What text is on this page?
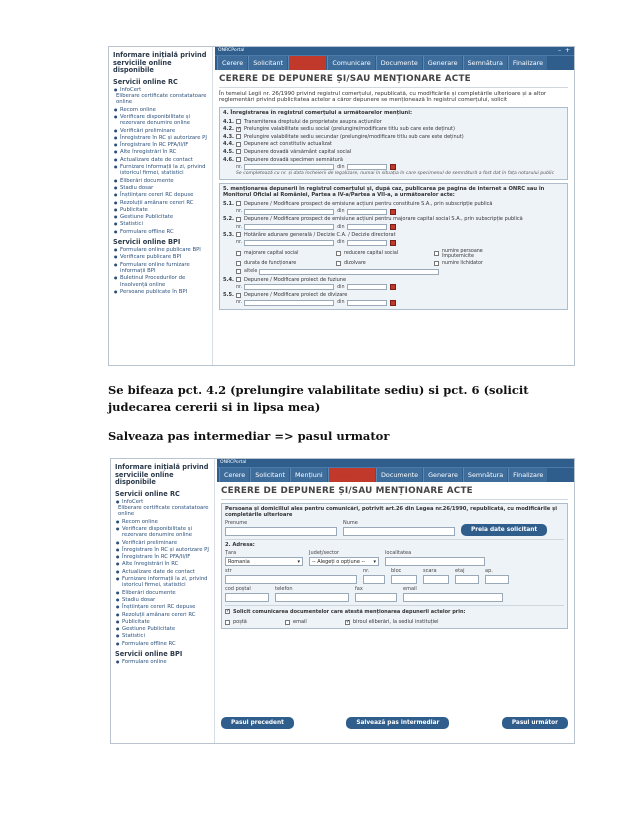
Informare inițială privind serviciile online disponibile
Servicii online RC
● InfoCert
Eliberare certificate constatatoare online
● Recom online
● Verificare disponibilitate și rezervare denumire online
● Verificări preliminare
● Înregistrare în RC și autorizare PJ
● Înregistrare în RC PFA/II/IF
● Alte înregistrări în RC
● Actualizare date de contact
● Furnizare informații la zi, privind istoricul firmei, statistici
● Eliberări documente
● Stadiu dosar
● Înștiințare cereri RC depuse
● Rezoluții amânare cereri RC
● Publicitate
● Gestiune Publicitate
● Statistici
● Formulare offline RC
Servicii online BPI
● Formulare online publicare BPI
● Verificare publicare BPI
● Formulare online furnizare informații BPI
● Buletinul Procedurilor de Insolvență online
● Persoane publicate în BPI
ONRCPortal	– +
Cerere	Solicitant	Depuneri	Comunicare	Documente	Generare	Semnătura	Finalizare
CERERE DE DEPUNERE ȘI/SAU MENȚIONARE ACTE
În temeiul Legii nr. 26/1990 privind registrul comerțului, republicată, cu modificările și completările ulterioare și a altor reglementări privind publicitatea actelor a căror depunere se menționează în registrul comerțului, solicit
4. Înregistrarea în registrul comerțului a următoarelor mențiuni:
4.1.	Transmiterea dreptului de proprietate asupra acțiunilor
4.2. ✓	Prelungire valabilitate sediu social (prelungire/modificare titlu sub care este deținut)
4.3.	Prelungire valabilitate sediu secundar (prelungire/modificare titlu sub care este deținut)
4.4.	Depunere act constitutiv actualizat
4.5.	Depunere dovadă vărsământ capital social
4.6.	Depunere dovadă specimen semnătură
nr.	din
Se completează cu nr. și data încheierii de legalizare, numai în situația în care specimenul de semnătură a fost dat în fața notarului public
5. menționarea depunerii în registrul comerțului și, după caz, publicarea pe pagina de internet a ONRC sau în Monitorul Oficial al României, Partea a IV-a/Partea a VII-a, a următoarelor acte:
5.1.	Depunere / Modificare prospect de emisiune acțiuni pentru constituire S.A., prin subscripție publică
nr.	din
5.2.	Depunere / Modificare prospect de emisiune acțiuni pentru majorare capital social S.A., prin subscripție publică
nr.	din
5.3.	Hotărâre adunare generală / Decizie C.A. / Decizie directorat
nr.	din
majorare capital social	reducere capital social	numire persoane împuternicite
durata de funcționare	dizolvare	numire lichidator
altele
5.4.	Depunere / Modificare proiect de fuziune
nr.	din
5.5.	Depunere / Modificare proiect de divizare
nr.	din
Se bifeaza pct. 4.2 (prelungire valabilitate sediu) si pct. 6 (solicit judecarea cererii si in lipsa mea)
Salveaza pas intermediar => pasul urmator
Informare inițială privind serviciile online disponibile
Servicii online RC
● InfoCert
Eliberare certificate constatatoare online
● Recom online
● Verificare disponibilitate și rezervare denumire online
● Verificări preliminare
● Înregistrare în RC și autorizare PJ
● Înregistrare în RC PFA/II/IF
● Alte înregistrări în RC
● Actualizare date de contact
● Furnizare informații la zi, privind istoricul firmei, statistici
● Eliberări documente
● Stadiu dosar
● Înștiințare cereri RC depuse
● Rezoluții amânare cereri RC
● Publicitate
● Gestiune Publicitate
● Statistici
● Formulare offline RC
Servicii online BPI
● Formulare online
ONRCPortal
Cerere	Solicitant	Mențiuni	Comunicare	Documente	Generare	Semnătura	Finalizare
CERERE DE DEPUNERE ȘI/SAU MENȚIONARE ACTE
Persoana și domiciliul ales pentru comunicări, potrivit art.26 din Legea nr.26/1990, republicată, cu modificările și completările ulterioare
Prenume	Nume
Preia date solicitant
2. Adresa:
Țara
Romania	▾
Județ/sector
-- Alegeți o opțiune -- ▾
localitatea
str	nr.	bloc	scara	etaj	ap.
cod poștal	telefon	fax	email
✓
Solicit comunicarea documentelor care atestă menționarea depunerii actelor prin:
poștă	email ✓	biroul eliberări, la sediul instituției
Pasul precedent	Salvează pas intermediar	Pasul următor
